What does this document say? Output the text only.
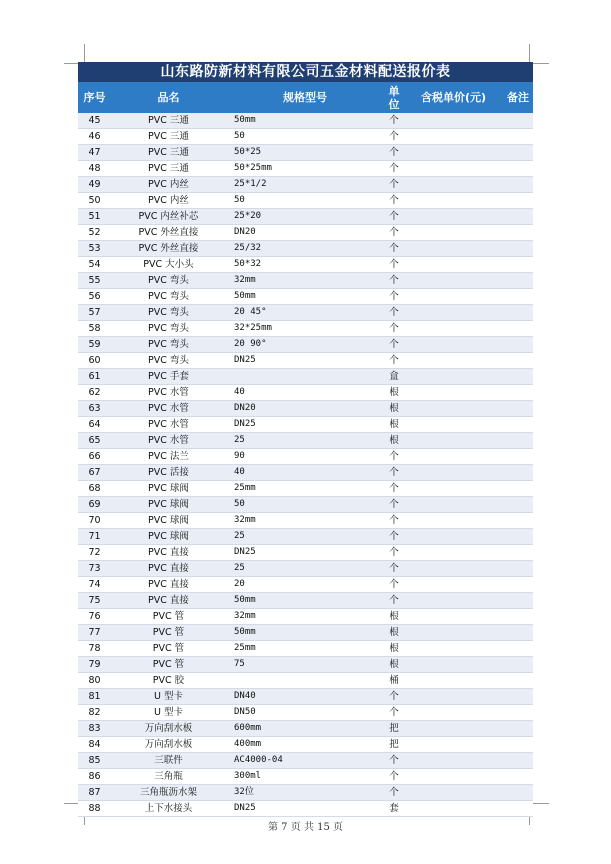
山东路防新材料有限公司五金材料配送报价表
序号	品名	规格型号	单位	含税单价(元)	备注
45	PVC 三通	50mm	个		
46	PVC 三通	50	个		
47	PVC 三通	50*25	个		
48	PVC 三通	50*25mm	个		
49	PVC 内丝	25*1/2	个		
50	PVC 内丝	50	个		
51	PVC 内丝补芯	25*20	个		
52	PVC 外丝直接	DN20	个		
53	PVC 外丝直接	25/32	个		
54	PVC 大小头	50*32	个		
55	PVC 弯头	32mm	个		
56	PVC 弯头	50mm	个		
57	PVC 弯头	20 45°	个		
58	PVC 弯头	32*25mm	个		
59	PVC 弯头	20 90°	个		
60	PVC 弯头	DN25	个		
61	PVC 手套		盒		
62	PVC 水管	40	根		
63	PVC 水管	DN20	根		
64	PVC 水管	DN25	根		
65	PVC 水管	25	根		
66	PVC 法兰	90	个		
67	PVC 活接	40	个		
68	PVC 球阀	25mm	个		
69	PVC 球阀	50	个		
70	PVC 球阀	32mm	个		
71	PVC 球阀	25	个		
72	PVC 直接	DN25	个		
73	PVC 直接	25	个		
74	PVC 直接	20	个		
75	PVC 直接	50mm	个		
76	PVC 管	32mm	根		
77	PVC 管	50mm	根		
78	PVC 管	25mm	根		
79	PVC 管	75	根		
80	PVC 胶		桶		
81	U 型卡	DN40	个		
82	U 型卡	DN50	个		
83	万向刮水板	600mm	把		
84	万向刮水板	400mm	把		
85	三联件	AC4000-04	个		
86	三角瓶	300ml	个		
87	三角瓶沥水架	32位	个		
88	上下水接头	DN25	套		
第 7 页 共 15 页
